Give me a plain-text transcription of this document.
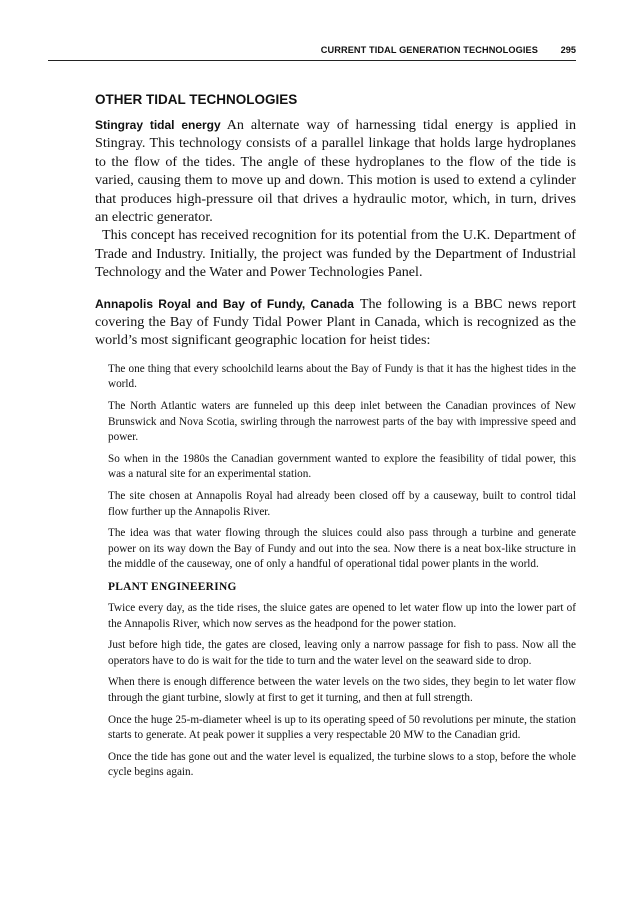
CURRENT TIDAL GENERATION TECHNOLOGIES 295
OTHER TIDAL TECHNOLOGIES

Stingray tidal energy An alternate way of harnessing tidal energy is applied in Stingray. This technology consists of a parallel linkage that holds large hydroplanes to the flow of the tides. The angle of these hydroplanes to the flow of the tide is varied, causing them to move up and down. This motion is used to extend a cylinder that produces high-pressure oil that drives a hydraulic motor, which, in turn, drives an electric generator.

This concept has received recognition for its potential from the U.K. Department of Trade and Industry. Initially, the project was funded by the Department of Industrial Technology and the Water and Power Technologies Panel.

Annapolis Royal and Bay of Fundy, Canada The following is a BBC news report covering the Bay of Fundy Tidal Power Plant in Canada, which is recognized as the world’s most significant geographic location for heist tides:

The one thing that every schoolchild learns about the Bay of Fundy is that it has the highest tides in the world.

The North Atlantic waters are funneled up this deep inlet between the Canadian provinces of New Brunswick and Nova Scotia, swirling through the narrowest parts of the bay with impressive speed and power.

So when in the 1980s the Canadian government wanted to explore the feasibility of tidal power, this was a natural site for an experimental station.

The site chosen at Annapolis Royal had already been closed off by a causeway, built to control tidal flow further up the Annapolis River.

The idea was that water flowing through the sluices could also pass through a turbine and generate power on its way down the Bay of Fundy and out into the sea. Now there is a neat box-like structure in the middle of the causeway, one of only a handful of operational tidal power plants in the world.

PLANT ENGINEERING

Twice every day, as the tide rises, the sluice gates are opened to let water flow up into the lower part of the Annapolis River, which now serves as the headpond for the power station.

Just before high tide, the gates are closed, leaving only a narrow passage for fish to pass. Now all the operators have to do is wait for the tide to turn and the water level on the seaward side to drop.

When there is enough difference between the water levels on the two sides, they begin to let water flow through the giant turbine, slowly at first to get it turning, and then at full strength.

Once the huge 25-m-diameter wheel is up to its operating speed of 50 revolutions per minute, the station starts to generate. At peak power it supplies a very respectable 20 MW to the Canadian grid.

Once the tide has gone out and the water level is equalized, the turbine slows to a stop, before the whole cycle begins again.
